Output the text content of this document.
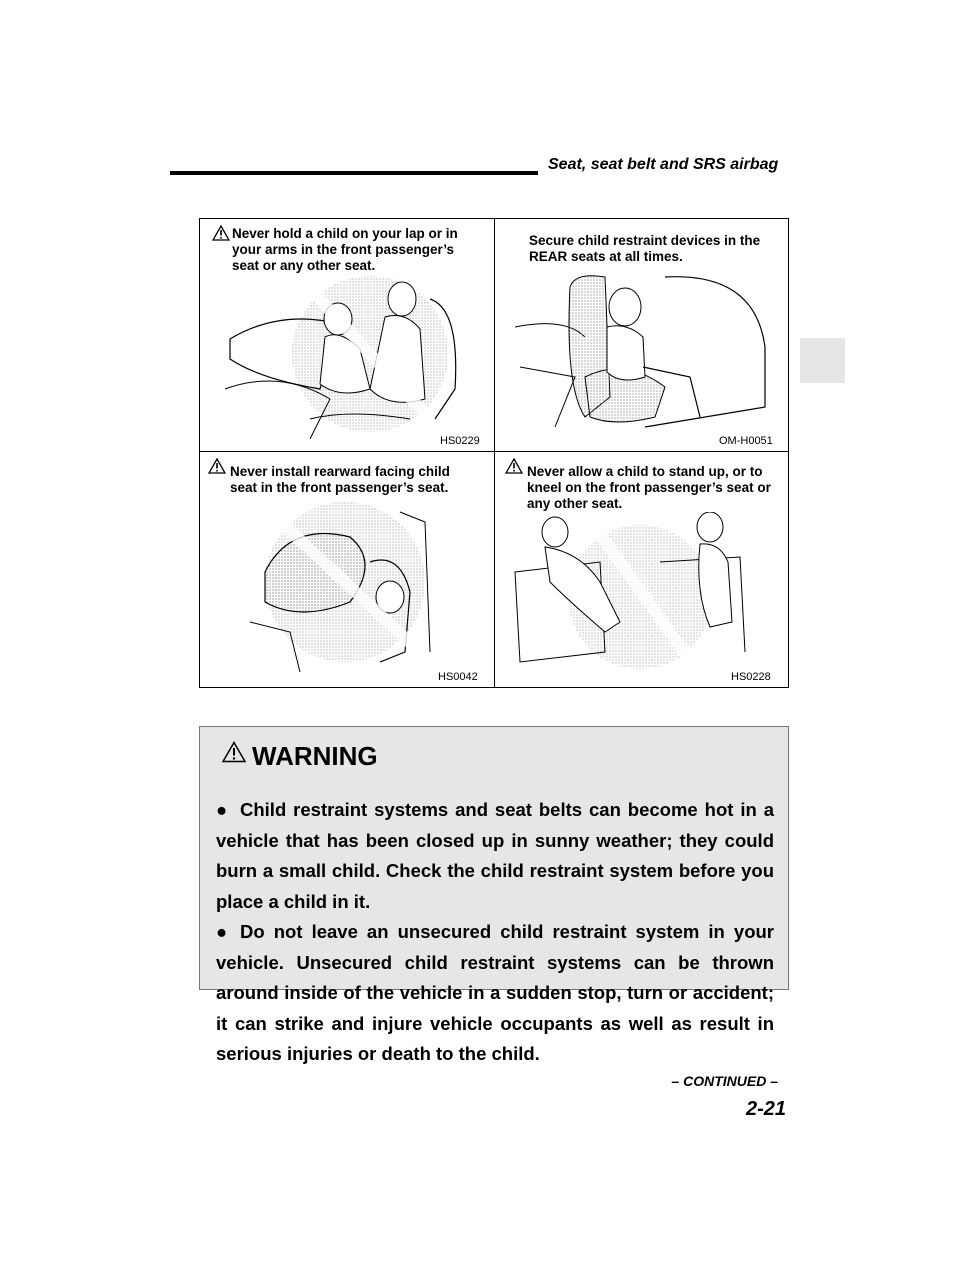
Seat, seat belt and SRS airbag
Never hold a child on your lap or in your arms in the front passenger’s seat or any other seat.
HS0229
Secure child restraint devices in the REAR seats at all times.
OM-H0051
Never install rearward facing child seat in the front passenger’s seat.
HS0042
Never allow a child to stand up, or to kneel on the front passenger’s seat or any other seat.
HS0228
WARNING

● Child restraint systems and seat belts can become hot in a vehicle that has been closed up in sunny weather; they could burn a small child. Check the child restraint system before you place a child in it.

● Do not leave an unsecured child restraint system in your vehicle. Unsecured child restraint systems can be thrown around inside of the vehicle in a sudden stop, turn or accident; it can strike and injure vehicle occupants as well as result in serious injuries or death to the child.

– CONTINUED –
2-21
